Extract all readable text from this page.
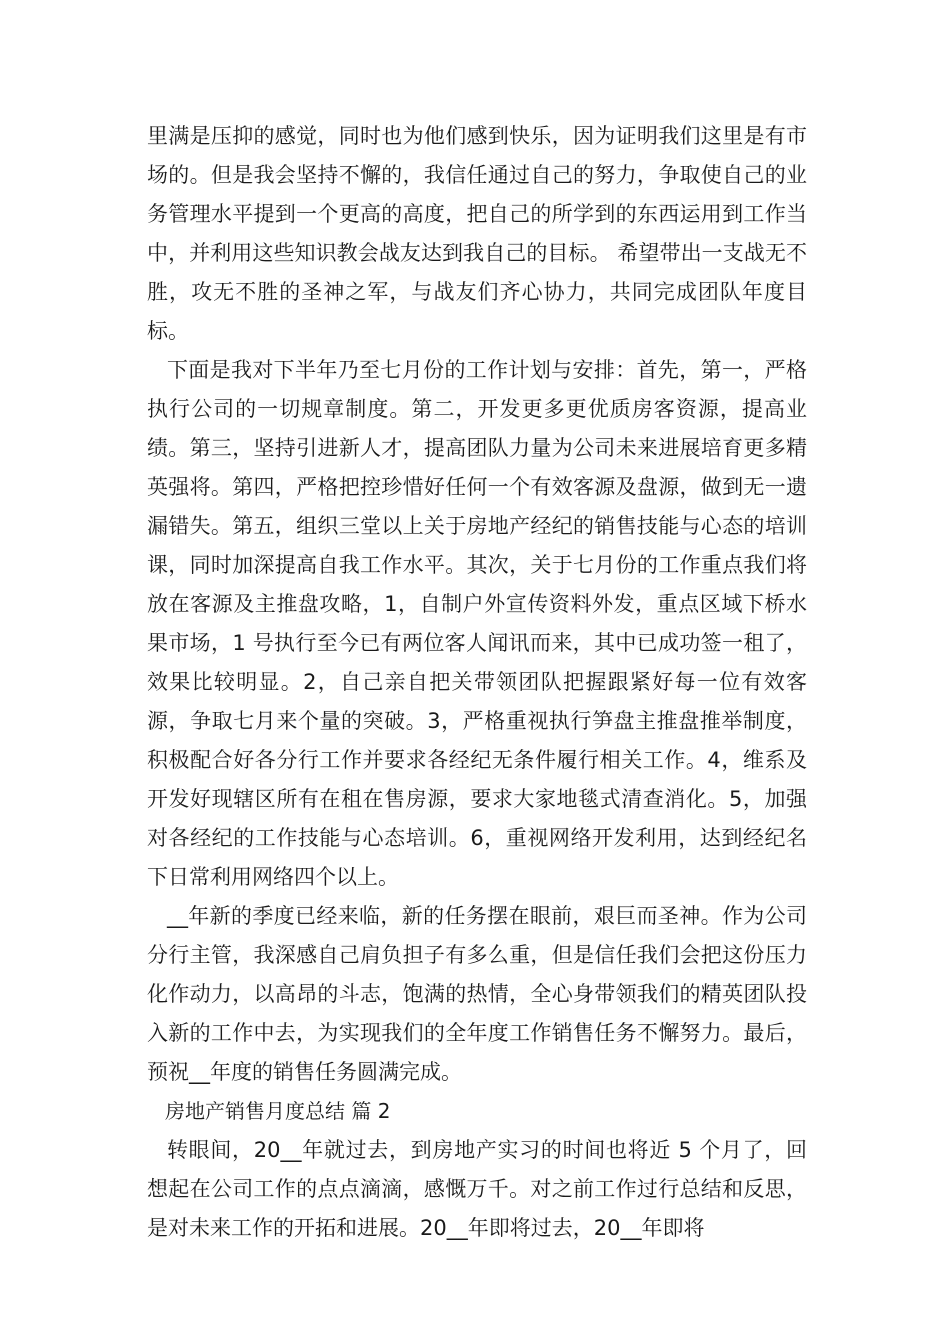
里满是压抑的感觉，同时也为他们感到快乐，因为证明我们这里是有市场的。但是我会坚持不懈的，我信任通过自己的努力，争取使自己的业务管理水平提到一个更高的高度，把自己的所学到的东西运用到工作当中，并利用这些知识教会战友达到我自己的目标。 希望带出一支战无不胜，攻无不胜的圣神之军，与战友们齐心协力，共同完成团队年度目标。

下面是我对下半年乃至七月份的工作计划与安排：首先，第一，严格执行公司的一切规章制度。第二，开发更多更优质房客资源，提高业绩。第三，坚持引进新人才，提高团队力量为公司未来进展培育更多精英强将。第四，严格把控珍惜好任何一个有效客源及盘源，做到无一遗漏错失。第五，组织三堂以上关于房地产经纪的销售技能与心态的培训课，同时加深提高自我工作水平。其次，关于七月份的工作重点我们将放在客源及主推盘攻略，1，自制户外宣传资料外发，重点区域下桥水果市场，1 号执行至今已有两位客人闻讯而来，其中已成功签一租了，效果比较明显。2，自己亲自把关带领团队把握跟紧好每一位有效客源，争取七月来个量的突破。3，严格重视执行笋盘主推盘推举制度，积极配合好各分行工作并要求各经纪无条件履行相关工作。4，维系及开发好现辖区所有在租在售房源，要求大家地毯式清查消化。5，加强对各经纪的工作技能与心态培训。6，重视网络开发利用，达到经纪名下日常利用网络四个以上。

__年新的季度已经来临，新的任务摆在眼前，艰巨而圣神。作为公司分行主管，我深感自己肩负担子有多么重，但是信任我们会把这份压力化作动力，以高昂的斗志，饱满的热情，全心身带领我们的精英团队投入新的工作中去，为实现我们的全年度工作销售任务不懈努力。最后，预祝__年度的销售任务圆满完成。

房地产销售月度总结 篇 2

转眼间，20__年就过去，到房地产实习的时间也将近 5 个月了，回想起在公司工作的点点滴滴，感慨万千。对之前工作过行总结和反思，是对未来工作的开拓和进展。20__年即将过去，20__年即将
